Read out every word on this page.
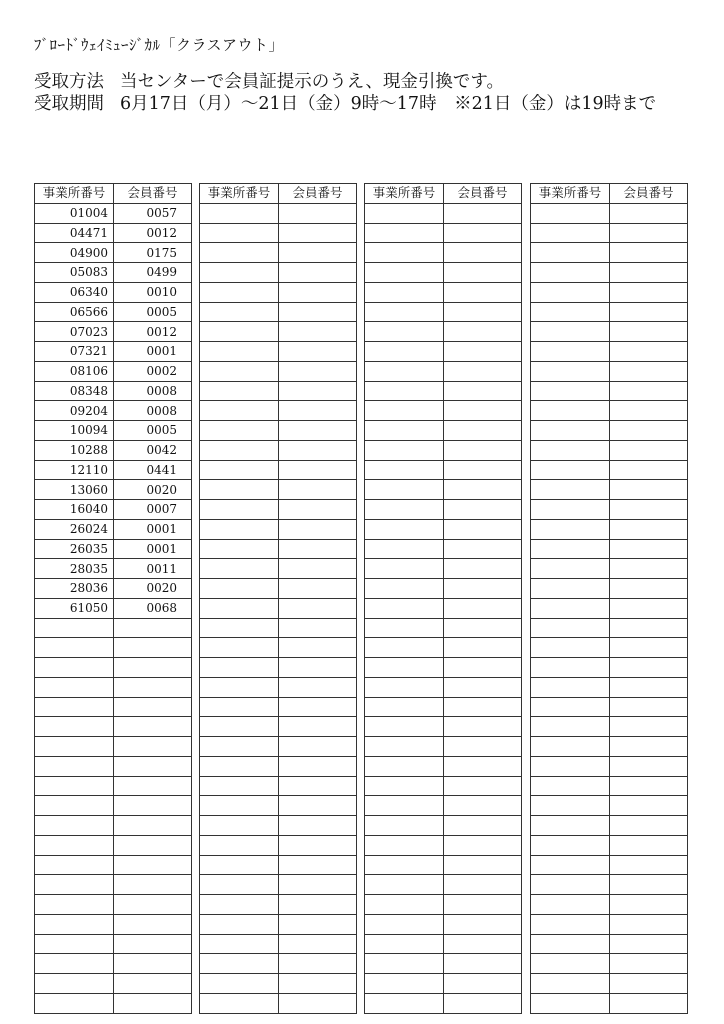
ﾌﾞﾛｰﾄﾞｳｪｲﾐｭｰｼﾞｶﾙ「クラスアウト」
受取方法 当センターで会員証提示のうえ、現金引換です。
受取期間 6月17日（月）～21日（金）9時～17時　※21日（金）は19時まで
事業所番号	会員番号
01004	0057
04471	0012
04900	0175
05083	0499
06340	0010
06566	0005
07023	0012
07321	0001
08106	0002
08348	0008
09204	0008
10094	0005
10288	0042
12110	0441
13060	0020
16040	0007
26024	0001
26035	0001
28035	0011
28036	0020
61050	0068

事業所番号	会員番号

	事業所番号	会員番号

	事業所番号	会員番号
